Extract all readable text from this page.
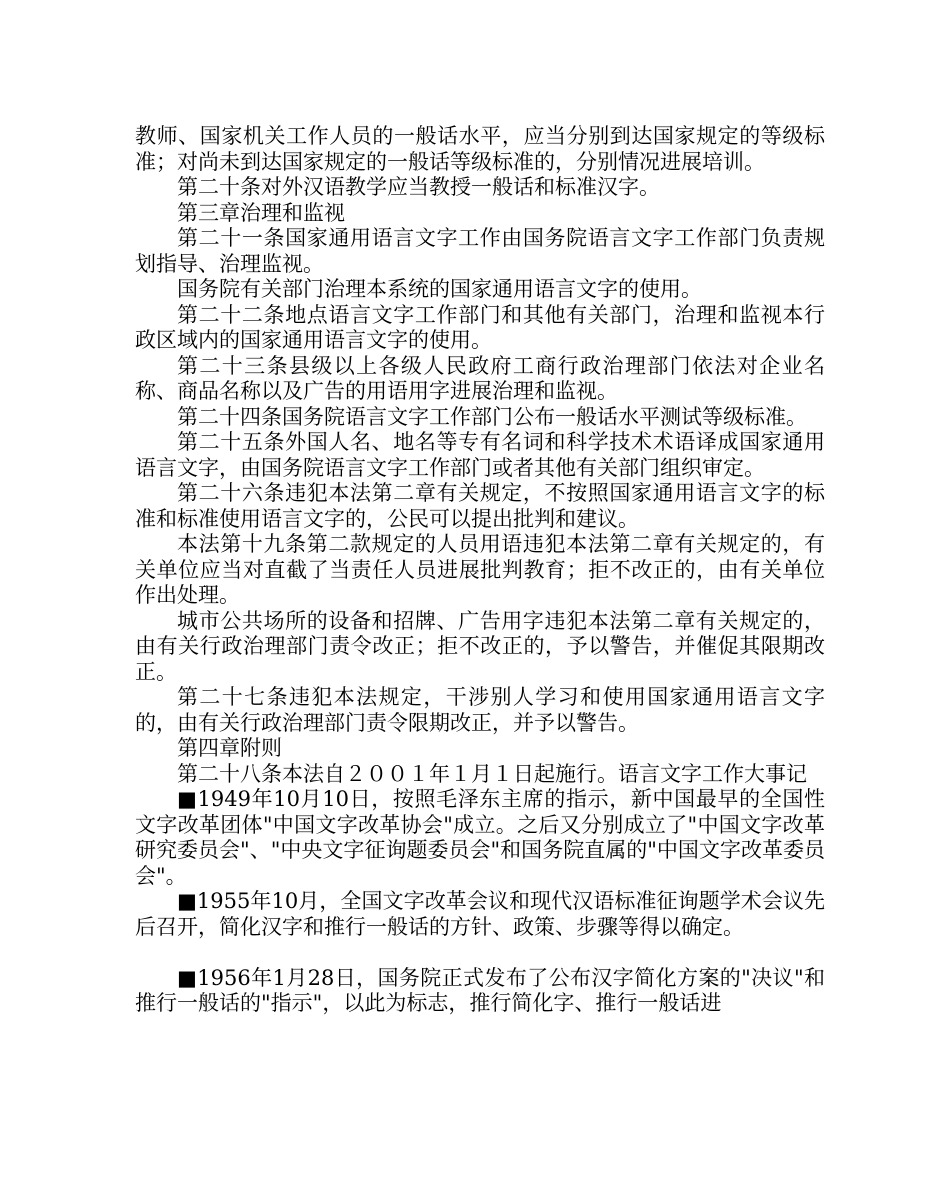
教师、国家机关工作人员的一般话水平，应当分别到达国家规定的等级标准；对尚未到达国家规定的一般话等级标准的，分别情况进展培训。

第二十条对外汉语教学应当教授一般话和标准汉字。

第三章治理和监视

第二十一条国家通用语言文字工作由国务院语言文字工作部门负责规划指导、治理监视。

国务院有关部门治理本系统的国家通用语言文字的使用。

第二十二条地点语言文字工作部门和其他有关部门，治理和监视本行政区域内的国家通用语言文字的使用。

第二十三条县级以上各级人民政府工商行政治理部门依法对企业名称、商品名称以及广告的用语用字进展治理和监视。

第二十四条国务院语言文字工作部门公布一般话水平测试等级标准。

第二十五条外国人名、地名等专有名词和科学技术术语译成国家通用语言文字，由国务院语言文字工作部门或者其他有关部门组织审定。

第二十六条违犯本法第二章有关规定，不按照国家通用语言文字的标准和标准使用语言文字的，公民可以提出批判和建议。

本法第十九条第二款规定的人员用语违犯本法第二章有关规定的，有关单位应当对直截了当责任人员进展批判教育；拒不改正的，由有关单位作出处理。

城市公共场所的设备和招牌、广告用字违犯本法第二章有关规定的，由有关行政治理部门责令改正；拒不改正的，予以警告，并催促其限期改正。

第二十七条违犯本法规定，干涉别人学习和使用国家通用语言文字的，由有关行政治理部门责令限期改正，并予以警告。

第四章附则

第二十八条本法自２００１年１月１日起施行。语言文字工作大事记

■1949年10月10日，按照毛泽东主席的指示，新中国最早的全国性文字改革团体"中国文字改革协会"成立。之后又分别成立了"中国文字改革研究委员会"、"中央文字征询题委员会"和国务院直属的"中国文字改革委员会"。

■1955年10月，全国文字改革会议和现代汉语标准征询题学术会议先后召开，简化汉字和推行一般话的方针、政策、步骤等得以确定。

■1956年1月28日，国务院正式发布了公布汉字简化方案的"决议"和推行一般话的"指示"，以此为标志，推行简化字、推行一般话进
